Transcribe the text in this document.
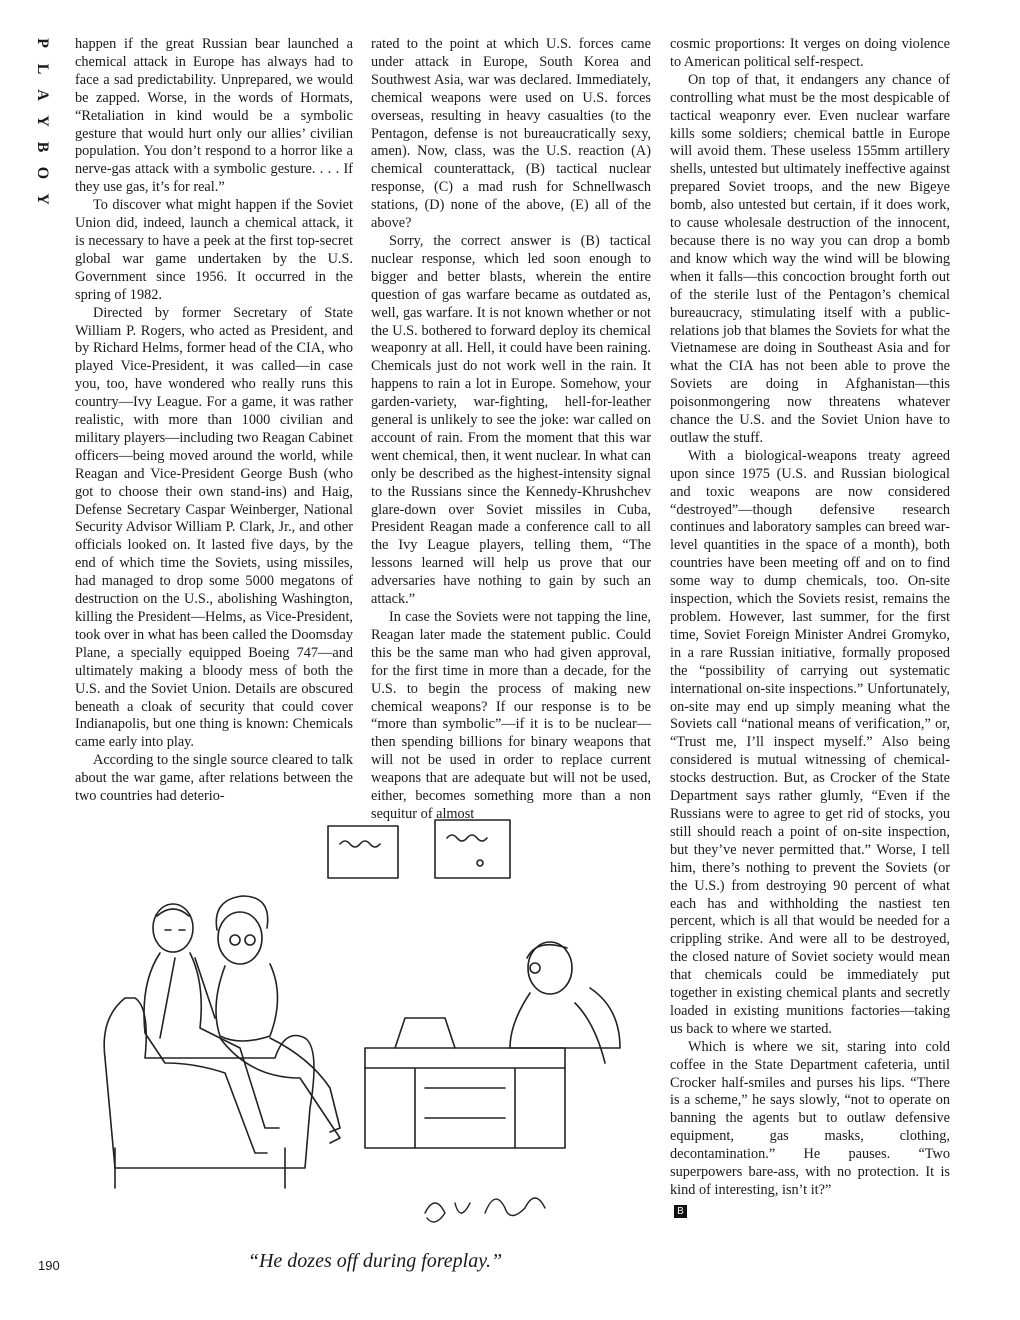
P
L
A
Y
B
O
Y

happen if the great Russian bear launched a chemical attack in Europe has always had to face a sad predictability. Unprepared, we would be zapped. Worse, in the words of Hormats, “Retaliation in kind would be a symbolic gesture that would hurt only our allies’ civilian population. You don’t respond to a horror like a nerve-gas attack with a symbolic gesture. . . . If they use gas, it’s for real.”

To discover what might happen if the Soviet Union did, indeed, launch a chemical attack, it is necessary to have a peek at the first top-secret global war game undertaken by the U.S. Government since 1956. It occurred in the spring of 1982.

Directed by former Secretary of State William P. Rogers, who acted as President, and by Richard Helms, former head of the CIA, who played Vice-President, it was called—in case you, too, have wondered who really runs this country—Ivy League. For a game, it was rather realistic, with more than 1000 civilian and military players—including two Reagan Cabinet officers—being moved around the world, while Reagan and Vice-President George Bush (who got to choose their own stand-ins) and Haig, Defense Secretary Caspar Weinberger, National Security Advisor William P. Clark, Jr., and other officials looked on. It lasted five days, by the end of which time the Soviets, using missiles, had managed to drop some 5000 megatons of destruction on the U.S., abolishing Washington, killing the President—Helms, as Vice-President, took over in what has been called the Doomsday Plane, a specially equipped Boeing 747—and ultimately making a bloody mess of both the U.S. and the Soviet Union. Details are obscured beneath a cloak of security that could cover Indianapolis, but one thing is known: Chemicals came early into play.

According to the single source cleared to talk about the war game, after relations between the two countries had deterio-

rated to the point at which U.S. forces came under attack in Europe, South Korea and Southwest Asia, war was declared. Immediately, chemical weapons were used on U.S. forces overseas, resulting in heavy casualties (to the Pentagon, defense is not bureaucratically sexy, amen). Now, class, was the U.S. reaction (A) chemical counterattack, (B) tactical nuclear response, (C) a mad rush for Schnellwasch stations, (D) none of the above, (E) all of the above?

Sorry, the correct answer is (B) tactical nuclear response, which led soon enough to bigger and better blasts, wherein the entire question of gas warfare became as outdated as, well, gas warfare. It is not known whether or not the U.S. bothered to forward deploy its chemical weaponry at all. Hell, it could have been raining. Chemicals just do not work well in the rain. It happens to rain a lot in Europe. Somehow, your garden-variety, war-fighting, hell-for-leather general is unlikely to see the joke: war called on account of rain. From the moment that this war went chemical, then, it went nuclear. In what can only be described as the highest-intensity signal to the Russians since the Kennedy-Khrushchev glare-down over Soviet missiles in Cuba, President Reagan made a conference call to all the Ivy League players, telling them, “The lessons learned will help us prove that our adversaries have nothing to gain by such an attack.”

In case the Soviets were not tapping the line, Reagan later made the statement public. Could this be the same man who had given approval, for the first time in more than a decade, for the U.S. to begin the process of making new chemical weapons? If our response is to be “more than symbolic”—if it is to be nuclear—then spending billions for binary weapons that will not be used in order to replace current weapons that are adequate but will not be used, either, becomes something more than a non sequitur of almost

cosmic proportions: It verges on doing violence to American political self-respect.

On top of that, it endangers any chance of controlling what must be the most despicable of tactical weaponry ever. Even nuclear warfare kills some soldiers; chemical battle in Europe will avoid them. These useless 155mm artillery shells, untested but ultimately ineffective against prepared Soviet troops, and the new Bigeye bomb, also untested but certain, if it does work, to cause wholesale destruction of the innocent, because there is no way you can drop a bomb and know which way the wind will be blowing when it falls—this concoction brought forth out of the sterile lust of the Pentagon’s chemical bureaucracy, stimulating itself with a public-relations job that blames the Soviets for what the Vietnamese are doing in Southeast Asia and for what the CIA has not been able to prove the Soviets are doing in Afghanistan—this poisonmongering now threatens whatever chance the U.S. and the Soviet Union have to outlaw the stuff.

With a biological-weapons treaty agreed upon since 1975 (U.S. and Russian biological and toxic weapons are now considered “destroyed”—though defensive research continues and laboratory samples can breed war-level quantities in the space of a month), both countries have been meeting off and on to find some way to dump chemicals, too. On-site inspection, which the Soviets resist, remains the problem. However, last summer, for the first time, Soviet Foreign Minister Andrei Gromyko, in a rare Russian initiative, formally proposed the “possibility of carrying out systematic international on-site inspections.” Unfortunately, on-site may end up simply meaning what the Soviets call “national means of verification,” or, “Trust me, I’ll inspect myself.” Also being considered is mutual witnessing of chemical-stocks destruction. But, as Crocker of the State Department says rather glumly, “Even if the Russians were to agree to get rid of stocks, you still should reach a point of on-site inspection, but they’ve never permitted that.” Worse, I tell him, there’s nothing to prevent the Soviets (or the U.S.) from destroying 90 percent of what each has and withholding the nastiest ten percent, which is all that would be needed for a crippling strike. And were all to be destroyed, the closed nature of Soviet society would mean that chemicals could be immediately put together in existing chemical plants and secretly loaded in existing munitions factories—taking us back to where we started.

Which is where we sit, staring into cold coffee in the State Department cafeteria, until Crocker half-smiles and purses his lips. “There is a scheme,” he says slowly, “not to operate on banning the agents but to outlaw defensive equipment, gas masks, clothing, decontamination.” He pauses. “Two superpowers bare-ass, with no protection. It is kind of interesting, isn’t it?”

B
“He dozes off during foreplay.”
190
